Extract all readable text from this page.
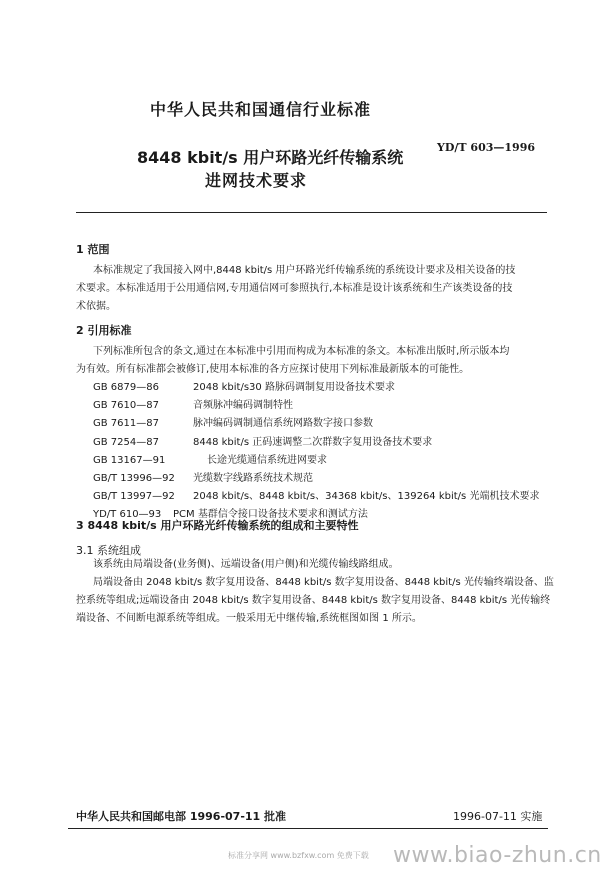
中华人民共和国通信行业标准
8448 kbit/s 用户环路光纤传输系统
进网技术要求
YD/T 603—1996
1 范围
本标准规定了我国接入网中,8448 kbit/s 用户环路光纤传输系统的系统设计要求及相关设备的技
术要求。本标准适用于公用通信网,专用通信网可参照执行,本标准是设计该系统和生产该类设备的技
术依据。
2 引用标准
下列标准所包含的条文,通过在本标准中引用而构成为本标准的条文。本标准出版时,所示版本均
为有效。所有标准都会被修订,使用本标准的各方应探讨使用下列标准最新版本的可能性。
GB 6879—86	2048 kbit/s30 路脉码调制复用设备技术要求
GB 7610—87	音频脉冲编码调制特性
GB 7611—87	脉冲编码调制通信系统网路数字接口参数
GB 7254—87	8448 kbit/s 正码速调整二次群数字复用设备技术要求
GB 13167—91	长途光缆通信系统进网要求
GB/T 13996—92 光缆数字线路系统技术规范
GB/T 13997—92 2048 kbit/s、8448 kbit/s、34368 kbit/s、139264 kbit/s 光端机技术要求
YD/T 610—93 PCM 基群信令接口设备技术要求和测试方法
3 8448 kbit/s 用户环路光纤传输系统的组成和主要特性
3.1 系统组成
该系统由局端设备(业务侧)、远端设备(用户侧)和光缆传输线路组成。
局端设备由 2048 kbit/s 数字复用设备、8448 kbit/s 数字复用设备、8448 kbit/s 光传输终端设备、监
控系统等组成;远端设备由 2048 kbit/s 数字复用设备、8448 kbit/s 数字复用设备、8448 kbit/s 光传输终
端设备、不间断电源系统等组成。一般采用无中继传输,系统框图如图 1 所示。
中华人民共和国邮电部 1996-07-11 批准	1996-07-11 实施
标准分享网 www.bzfxw.com 免费下载 www.biao-zhun.cn
